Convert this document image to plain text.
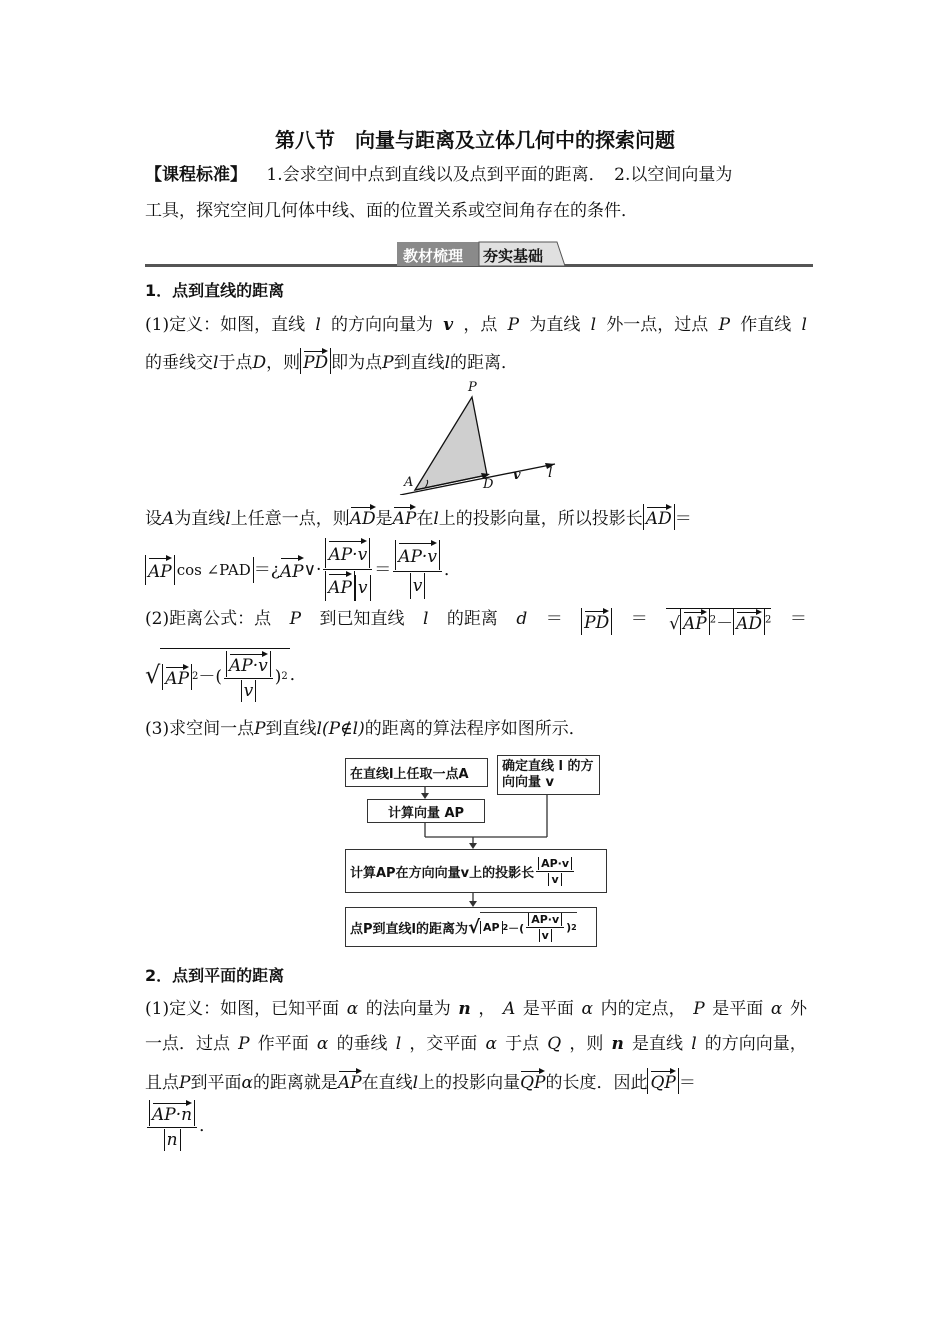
第八节　向量与距离及立体几何中的探索问题
【课程标准】 1.会求空间中点到直线以及点到平面的距离．　2.以空间向量为
工具，探究空间几何体中线、面的位置关系或空间角存在的条件．
教材梳理 夯实基础
1．点到直线的距离
(1)定义：如图，直线 l 的方向向量为 v ，点 P 为直线 l 外一点，过点 P 作直线 l
的垂线交l于点D，则 PD 即为点P到直线l的距离．
P
A	D
v l
设A为直线l上任意一点，则AD是AP在l上的投影向量，所以投影长 AD ＝
AP cos ∠PAD ＝¿ AP ∨· $\frac{AP\cdot v}{\text{AP v}} = \frac{AP\cdot v}{v}$ ．
(2)距离公式：点 P 到已知直线 l 的距离 d ＝ PD ＝ √ AP $^2$－ AD $^2$ ＝
√ AP 2 －( $\frac{AP\cdot v}{v}$ ) 2 ．
(3)求空间一点P到直线l(P∉l)的距离的算法程序如图所示．
在直线l上任取一点A
确定直线 l 的方
向向量 v
计算向量 AP
计算AP在方向向量v上的投影长 $\frac{AP\cdot v}{v}$
点P到直线l的距离为 √ AP 2 －( $\frac{AP\cdot v}{v}$ ) 2
2．点到平面的距离
(1)定义：如图，已知平面 α 的法向量为 n ， A 是平面 α 内的定点， P 是平面 α 外
一点．过点 P 作平面 α 的垂线 l ，交平面 α 于点 Q ，则 n 是直线 l 的方向向量，
且点P到平面α的距离就是AP在直线l上的投影向量QP的长度．因此 QP ＝
$\frac{AP\cdot n}{n}$ ．
